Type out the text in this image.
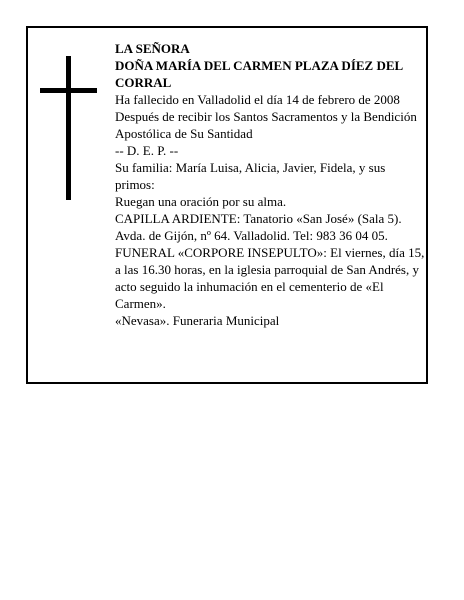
LA SEÑORA

DOÑA MARÍA DEL CARMEN PLAZA DÍEZ DEL CORRAL

Ha fallecido en Valladolid el día 14 de febrero de 2008

Después de recibir los Santos Sacramentos y la Bendición Apostólica de Su Santidad

-- D. E. P. --

Su familia: María Luisa, Alicia, Javier, Fidela, y sus primos:

Ruegan una oración por su alma.

CAPILLA ARDIENTE: Tanatorio «San José» (Sala 5). Avda. de Gijón, nº 64. Valladolid. Tel: 983 36 04 05.

FUNERAL «CORPORE INSEPULTO»: El viernes, día 15, a las 16.30 horas, en la iglesia parroquial de San Andrés, y acto seguido la inhumación en el cementerio de «El Carmen».

«Nevasa». Funeraria Municipal
